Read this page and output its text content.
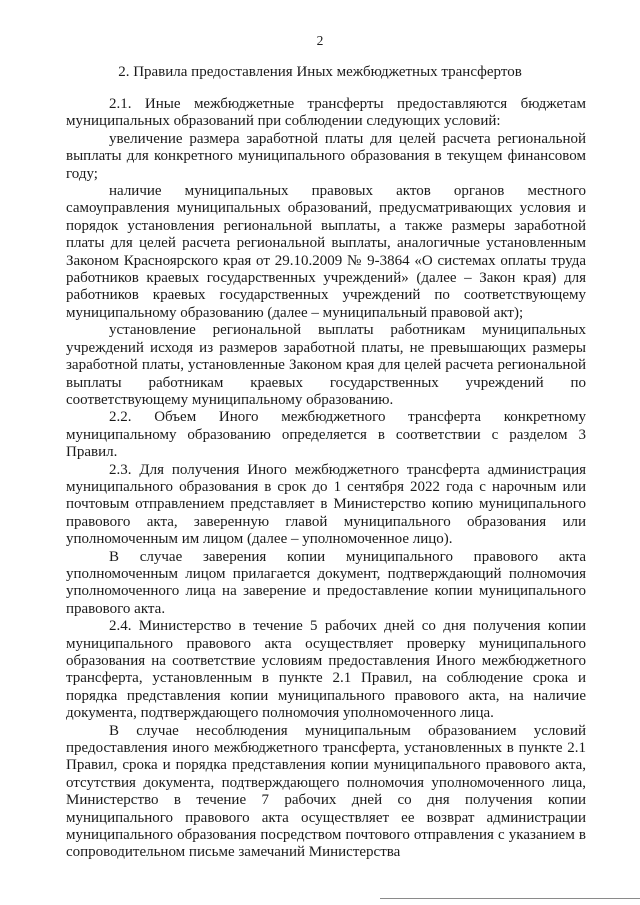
2
2. Правила предоставления Иных межбюджетных трансфертов

2.1. Иные межбюджетные трансферты предоставляются бюджетам муниципальных образований при соблюдении следующих условий:

увеличение размера заработной платы для целей расчета региональной выплаты для конкретного муниципального образования в текущем финансовом году;

наличие муниципальных правовых актов органов местного самоуправления муниципальных образований, предусматривающих условия и порядок установления региональной выплаты, а также размеры заработной платы для целей расчета региональной выплаты, аналогичные установленным Законом Красноярского края от 29.10.2009 № 9-3864 «О системах оплаты труда работников краевых государственных учреждений» (далее – Закон края) для работников краевых государственных учреждений по соответствующему муниципальному образованию (далее – муниципальный правовой акт);

установление региональной выплаты работникам муниципальных учреждений исходя из размеров заработной платы, не превышающих размеры заработной платы, установленные Законом края для целей расчета региональной выплаты работникам краевых государственных учреждений по соответствующему муниципальному образованию.

2.2. Объем Иного межбюджетного трансферта конкретному муниципальному образованию определяется в соответствии с разделом 3 Правил.

2.3. Для получения Иного межбюджетного трансферта администрация муниципального образования в срок до 1 сентября 2022 года с нарочным или почтовым отправлением представляет в Министерство копию муниципального правового акта, заверенную главой муниципального образования или уполномоченным им лицом (далее – уполномоченное лицо).

В случае заверения копии муниципального правового акта уполномоченным лицом прилагается документ, подтверждающий полномочия уполномоченного лица на заверение и предоставление копии муниципального правового акта.

2.4. Министерство в течение 5 рабочих дней со дня получения копии муниципального правового акта осуществляет проверку муниципального образования на соответствие условиям предоставления Иного межбюджетного трансферта, установленным в пункте 2.1 Правил, на соблюдение срока и порядка представления копии муниципального правового акта, на наличие документа, подтверждающего полномочия уполномоченного лица.

В случае несоблюдения муниципальным образованием условий предоставления иного межбюджетного трансферта, установленных в пункте 2.1 Правил, срока и порядка представления копии муниципального правового акта, отсутствия документа, подтверждающего полномочия уполномоченного лица, Министерство в течение 7 рабочих дней со дня получения копии муниципального правового акта осуществляет ее возврат администрации муниципального образования посредством почтового отправления с указанием в сопроводительном письме замечаний Министерства
